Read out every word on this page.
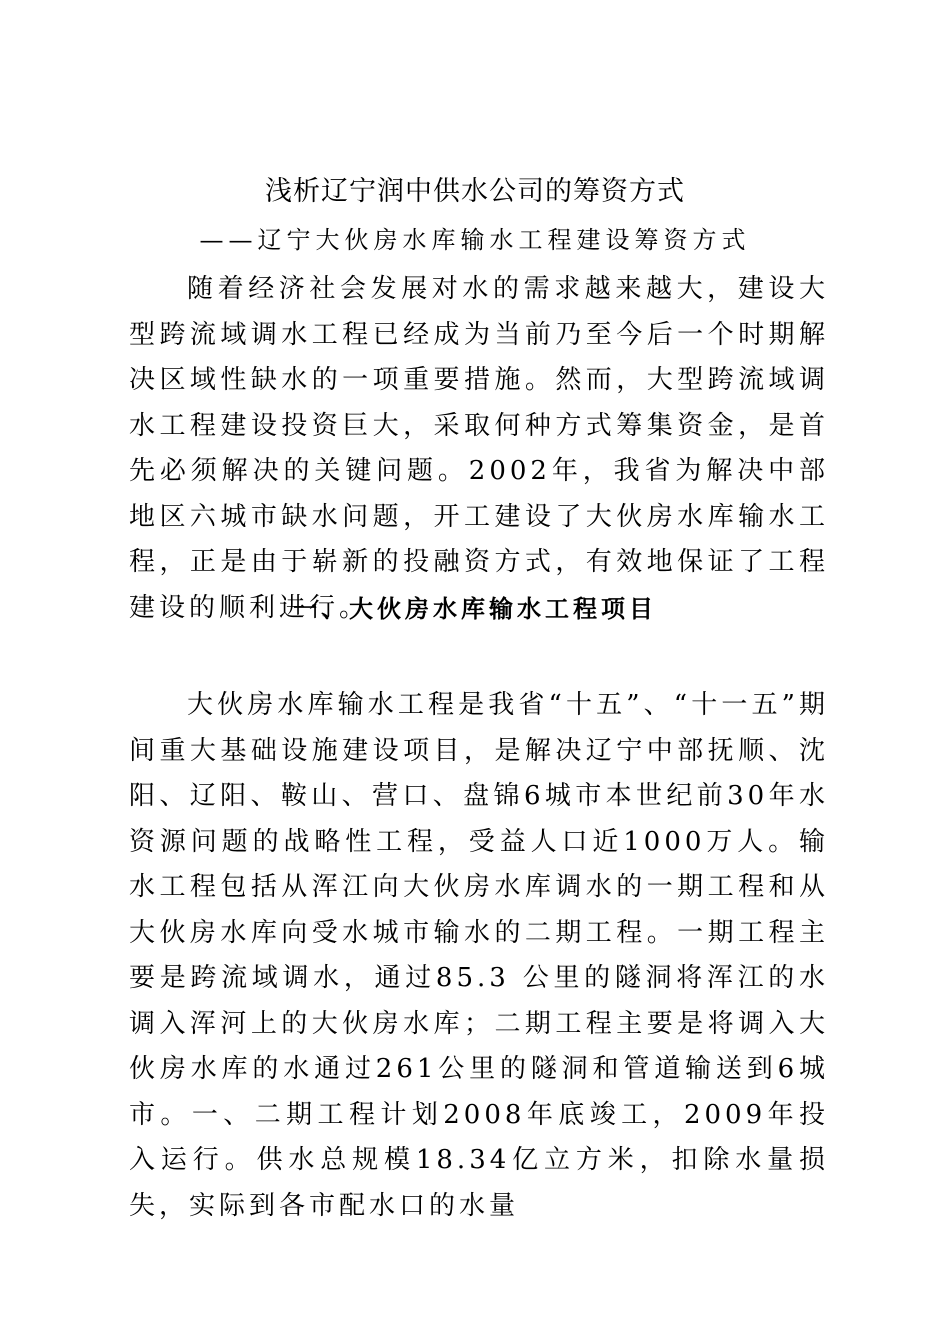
浅析辽宁润中供水公司的筹资方式
——辽宁大伙房水库输水工程建设筹资方式

随着经济社会发展对水的需求越来越大，建设大型跨流域调水工程已经成为当前乃至今后一个时期解决区域性缺水的一项重要措施。然而，大型跨流域调水工程建设投资巨大，采取何种方式筹集资金，是首先必须解决的关键问题。2002年，我省为解决中部地区六城市缺水问题，开工建设了大伙房水库输水工程，正是由于崭新的投融资方式，有效地保证了工程建设的顺利进行。

一、大伙房水库输水工程项目

大伙房水库输水工程是我省“十五”、“十一五”期间重大基础设施建设项目，是解决辽宁中部抚顺、沈阳、辽阳、鞍山、营口、盘锦6城市本世纪前30年水资源问题的战略性工程，受益人口近1000万人。输水工程包括从浑江向大伙房水库调水的一期工程和从大伙房水库向受水城市输水的二期工程。一期工程主要是跨流域调水，通过85.3 公里的隧洞将浑江的水调入浑河上的大伙房水库；二期工程主要是将调入大伙房水库的水通过261公里的隧洞和管道输送到6城市。一、二期工程计划2008年底竣工，2009年投入运行。供水总规模18.34亿立方米，扣除水量损失，实际到各市配水口的水量
